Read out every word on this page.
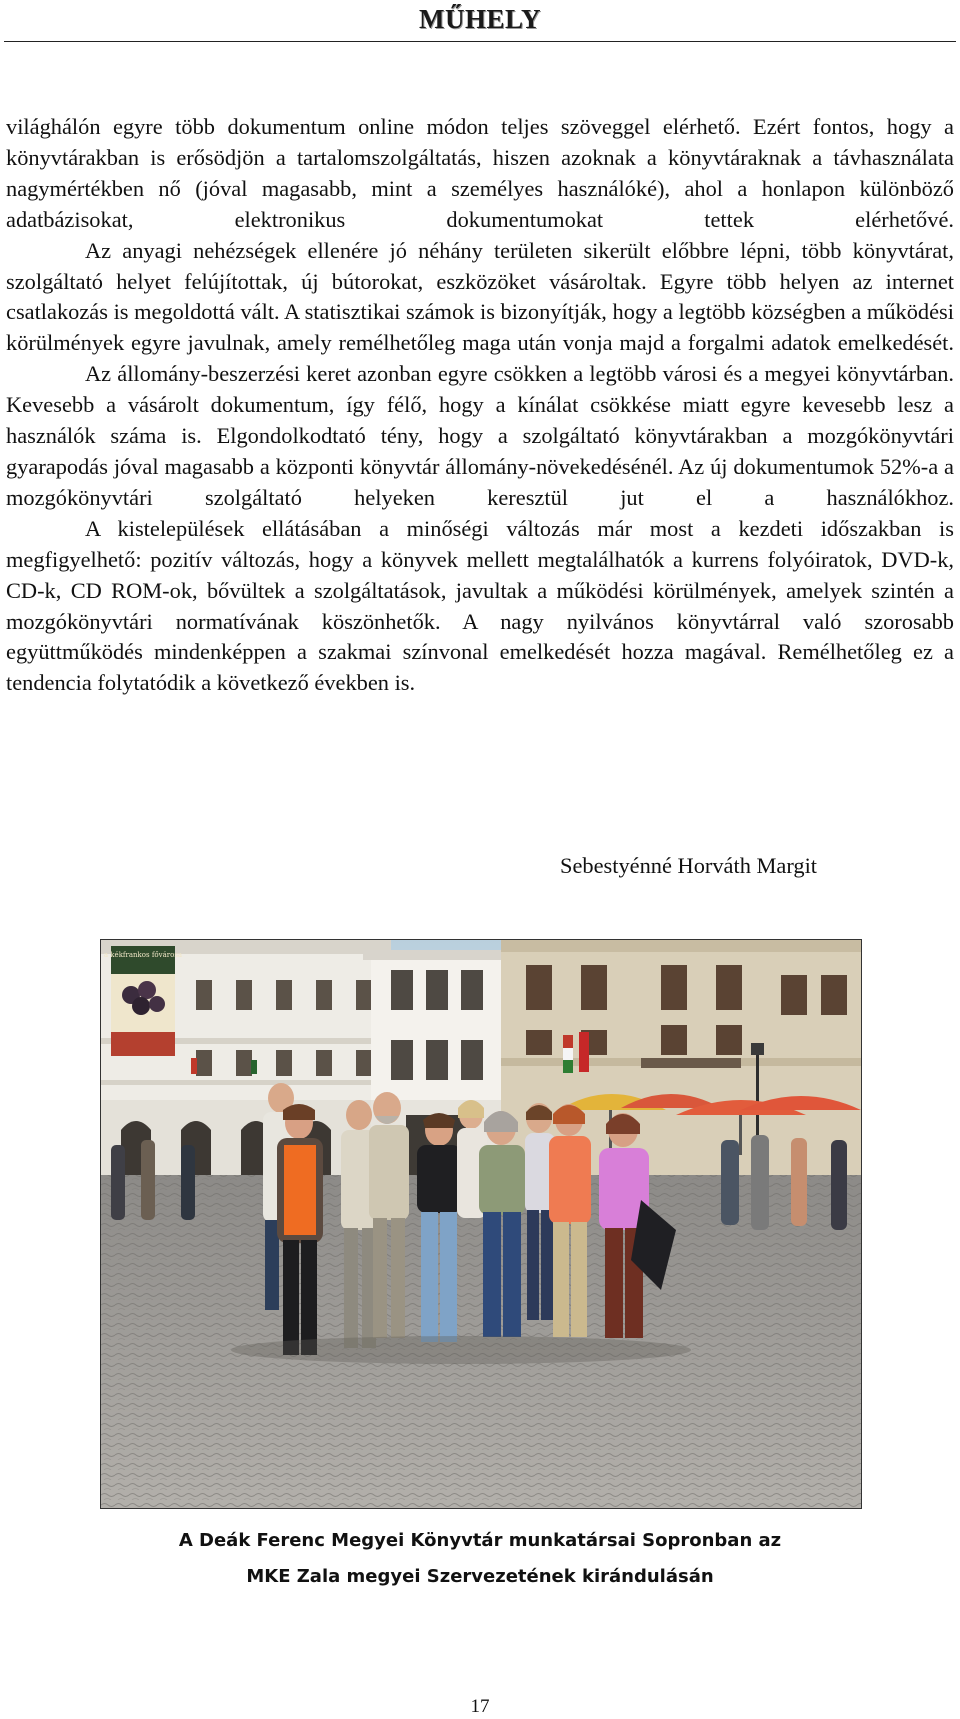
MŰHELY

világhálón egyre több dokumentum online módon teljes szöveggel elérhető. Ezért fontos, hogy a könyvtárakban is erősödjön a tartalomszolgáltatás, hiszen azoknak a könyvtáraknak a távhasználata nagymértékben nő (jóval magasabb, mint a személyes használóké), ahol a honlapon különböző adatbázisokat, elektronikus dokumentumokat tettek elérhetővé.

Az anyagi nehézségek ellenére jó néhány területen sikerült előbbre lépni, több könyvtárat, szolgáltató helyet felújítottak, új bútorokat, eszközöket vásároltak. Egyre több helyen az internet csatlakozás is megoldottá vált. A statisztikai számok is bizonyítják, hogy a legtöbb községben a működési körülmények egyre javulnak, amely remélhetőleg maga után vonja majd a forgalmi adatok emelkedését.

Az állomány-beszerzési keret azonban egyre csökken a legtöbb városi és a megyei könyvtárban. Kevesebb a vásárolt dokumentum, így félő, hogy a kínálat csökkése miatt egyre kevesebb lesz a használók száma is. Elgondolkodtató tény, hogy a szolgáltató könyvtárakban a mozgókönyvtári gyarapodás jóval magasabb a központi könyvtár állomány-növekedésénél. Az új dokumentumok 52%-a a mozgókönyvtári szolgáltató helyeken keresztül jut el a használókhoz.

A kistelepülések ellátásában a minőségi változás már most a kezdeti időszakban is megfigyelhető: pozitív változás, hogy a könyvek mellett megtalálhatók a kurrens folyóiratok, DVD-k, CD-k, CD ROM-ok, bővültek a szolgáltatások, javultak a működési körülmények, amelyek szintén a mozgókönyvtári normatívának köszönhetők. A nagy nyilvános könyvtárral való szorosabb együttműködés mindenképpen a szakmai színvonal emelkedését hozza magával. Remélhetőleg ez a tendencia folytatódik a következő években is.

Sebestyénné Horváth Margit
a kékfrankos fővárosa
A Deák Ferenc Megyei Könyvtár munkatársai Sopronban az
MKE Zala megyei Szervezetének kirándulásán
17
